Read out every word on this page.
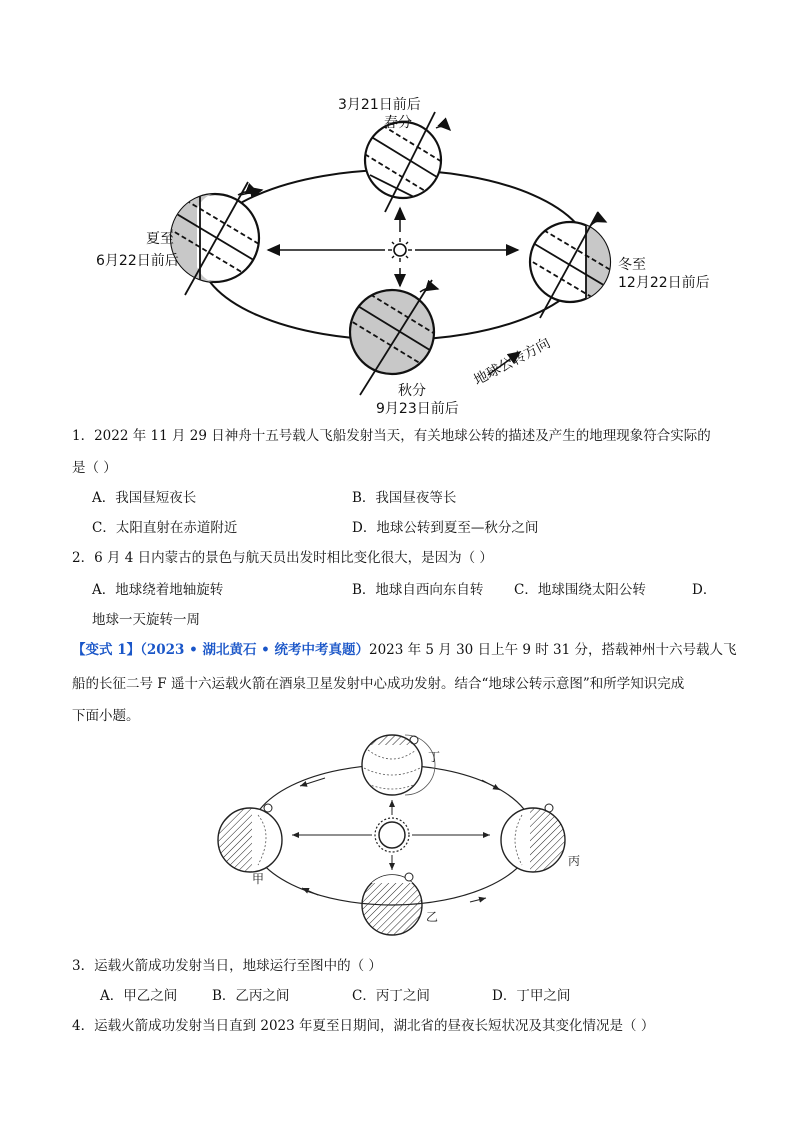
3月21日前后
春分
夏至
6月22日前后	冬至
12月22日前后
秋分
9月23日前后
地球公转方向
1．2022 年 11 月 29 日神舟十五号载人飞船发射当天，有关地球公转的描述及产生的地理现象符合实际的
是（ ）
A．我国昼短夜长	B．我国昼夜等长
C．太阳直射在赤道附近	D．地球公转到夏至—秋分之间
2．6 月 4 日内蒙古的景色与航天员出发时相比变化很大，是因为（ ）
A．地球绕着地轴旋转	B．地球自西向东自转 C．地球围绕太阳公转	D．
地球一天旋转一周
【变式 1】（2023 • 湖北黄石 • 统考中考真题）2023 年 5 月 30 日上午 9 时 31 分，搭载神州十六号载人飞
船的长征二号 F 遥十六运载火箭在酒泉卫星发射中心成功发射。结合“地球公转示意图”和所学知识完成
下面小题。
丁
丙
甲
乙
3．运载火箭成功发射当日，地球运行至图中的（ ）
A．甲乙之间	B．乙丙之间	C．丙丁之间	D．丁甲之间
4．运载火箭成功发射当日直到 2023 年夏至日期间，湖北省的昼夜长短状况及其变化情况是（ ）
